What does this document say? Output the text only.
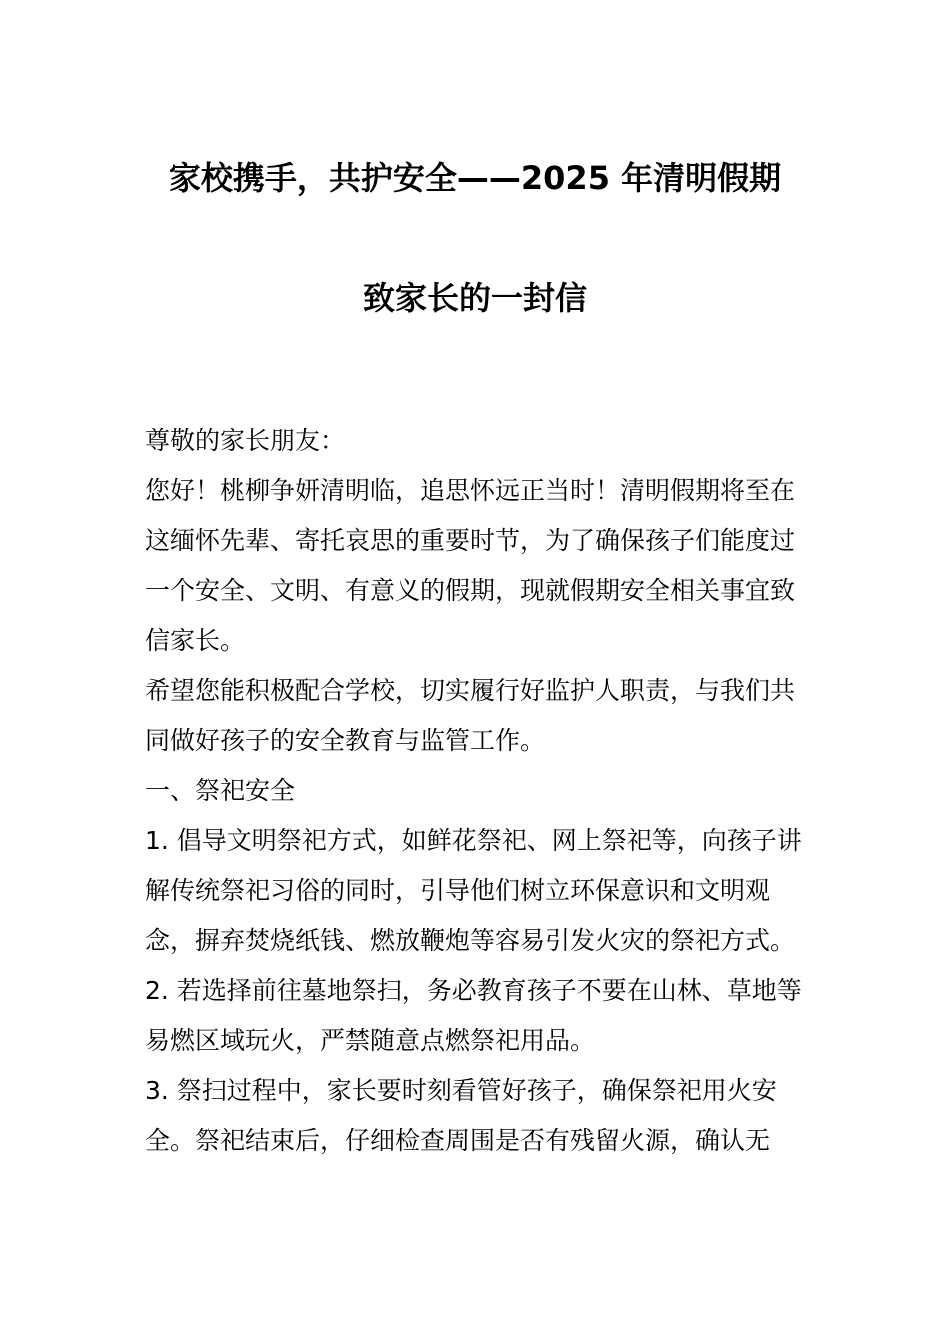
家校携手，共护安全——2025 年清明假期
致家长的一封信

尊敬的家长朋友：

您好！桃柳争妍清明临，追思怀远正当时！清明假期将至在这缅怀先辈、寄托哀思的重要时节，为了确保孩子们能度过一个安全、文明、有意义的假期，现就假期安全相关事宜致信家长。

希望您能积极配合学校，切实履行好监护人职责，与我们共同做好孩子的安全教育与监管工作。

一、祭祀安全

1. 倡导文明祭祀方式，如鲜花祭祀、网上祭祀等，向孩子讲解传统祭祀习俗的同时，引导他们树立环保意识和文明观念，摒弃焚烧纸钱、燃放鞭炮等容易引发火灾的祭祀方式。

2. 若选择前往墓地祭扫，务必教育孩子不要在山林、草地等易燃区域玩火，严禁随意点燃祭祀用品。

3. 祭扫过程中，家长要时刻看管好孩子，确保祭祀用火安全。祭祀结束后，仔细检查周围是否有残留火源，确认无
